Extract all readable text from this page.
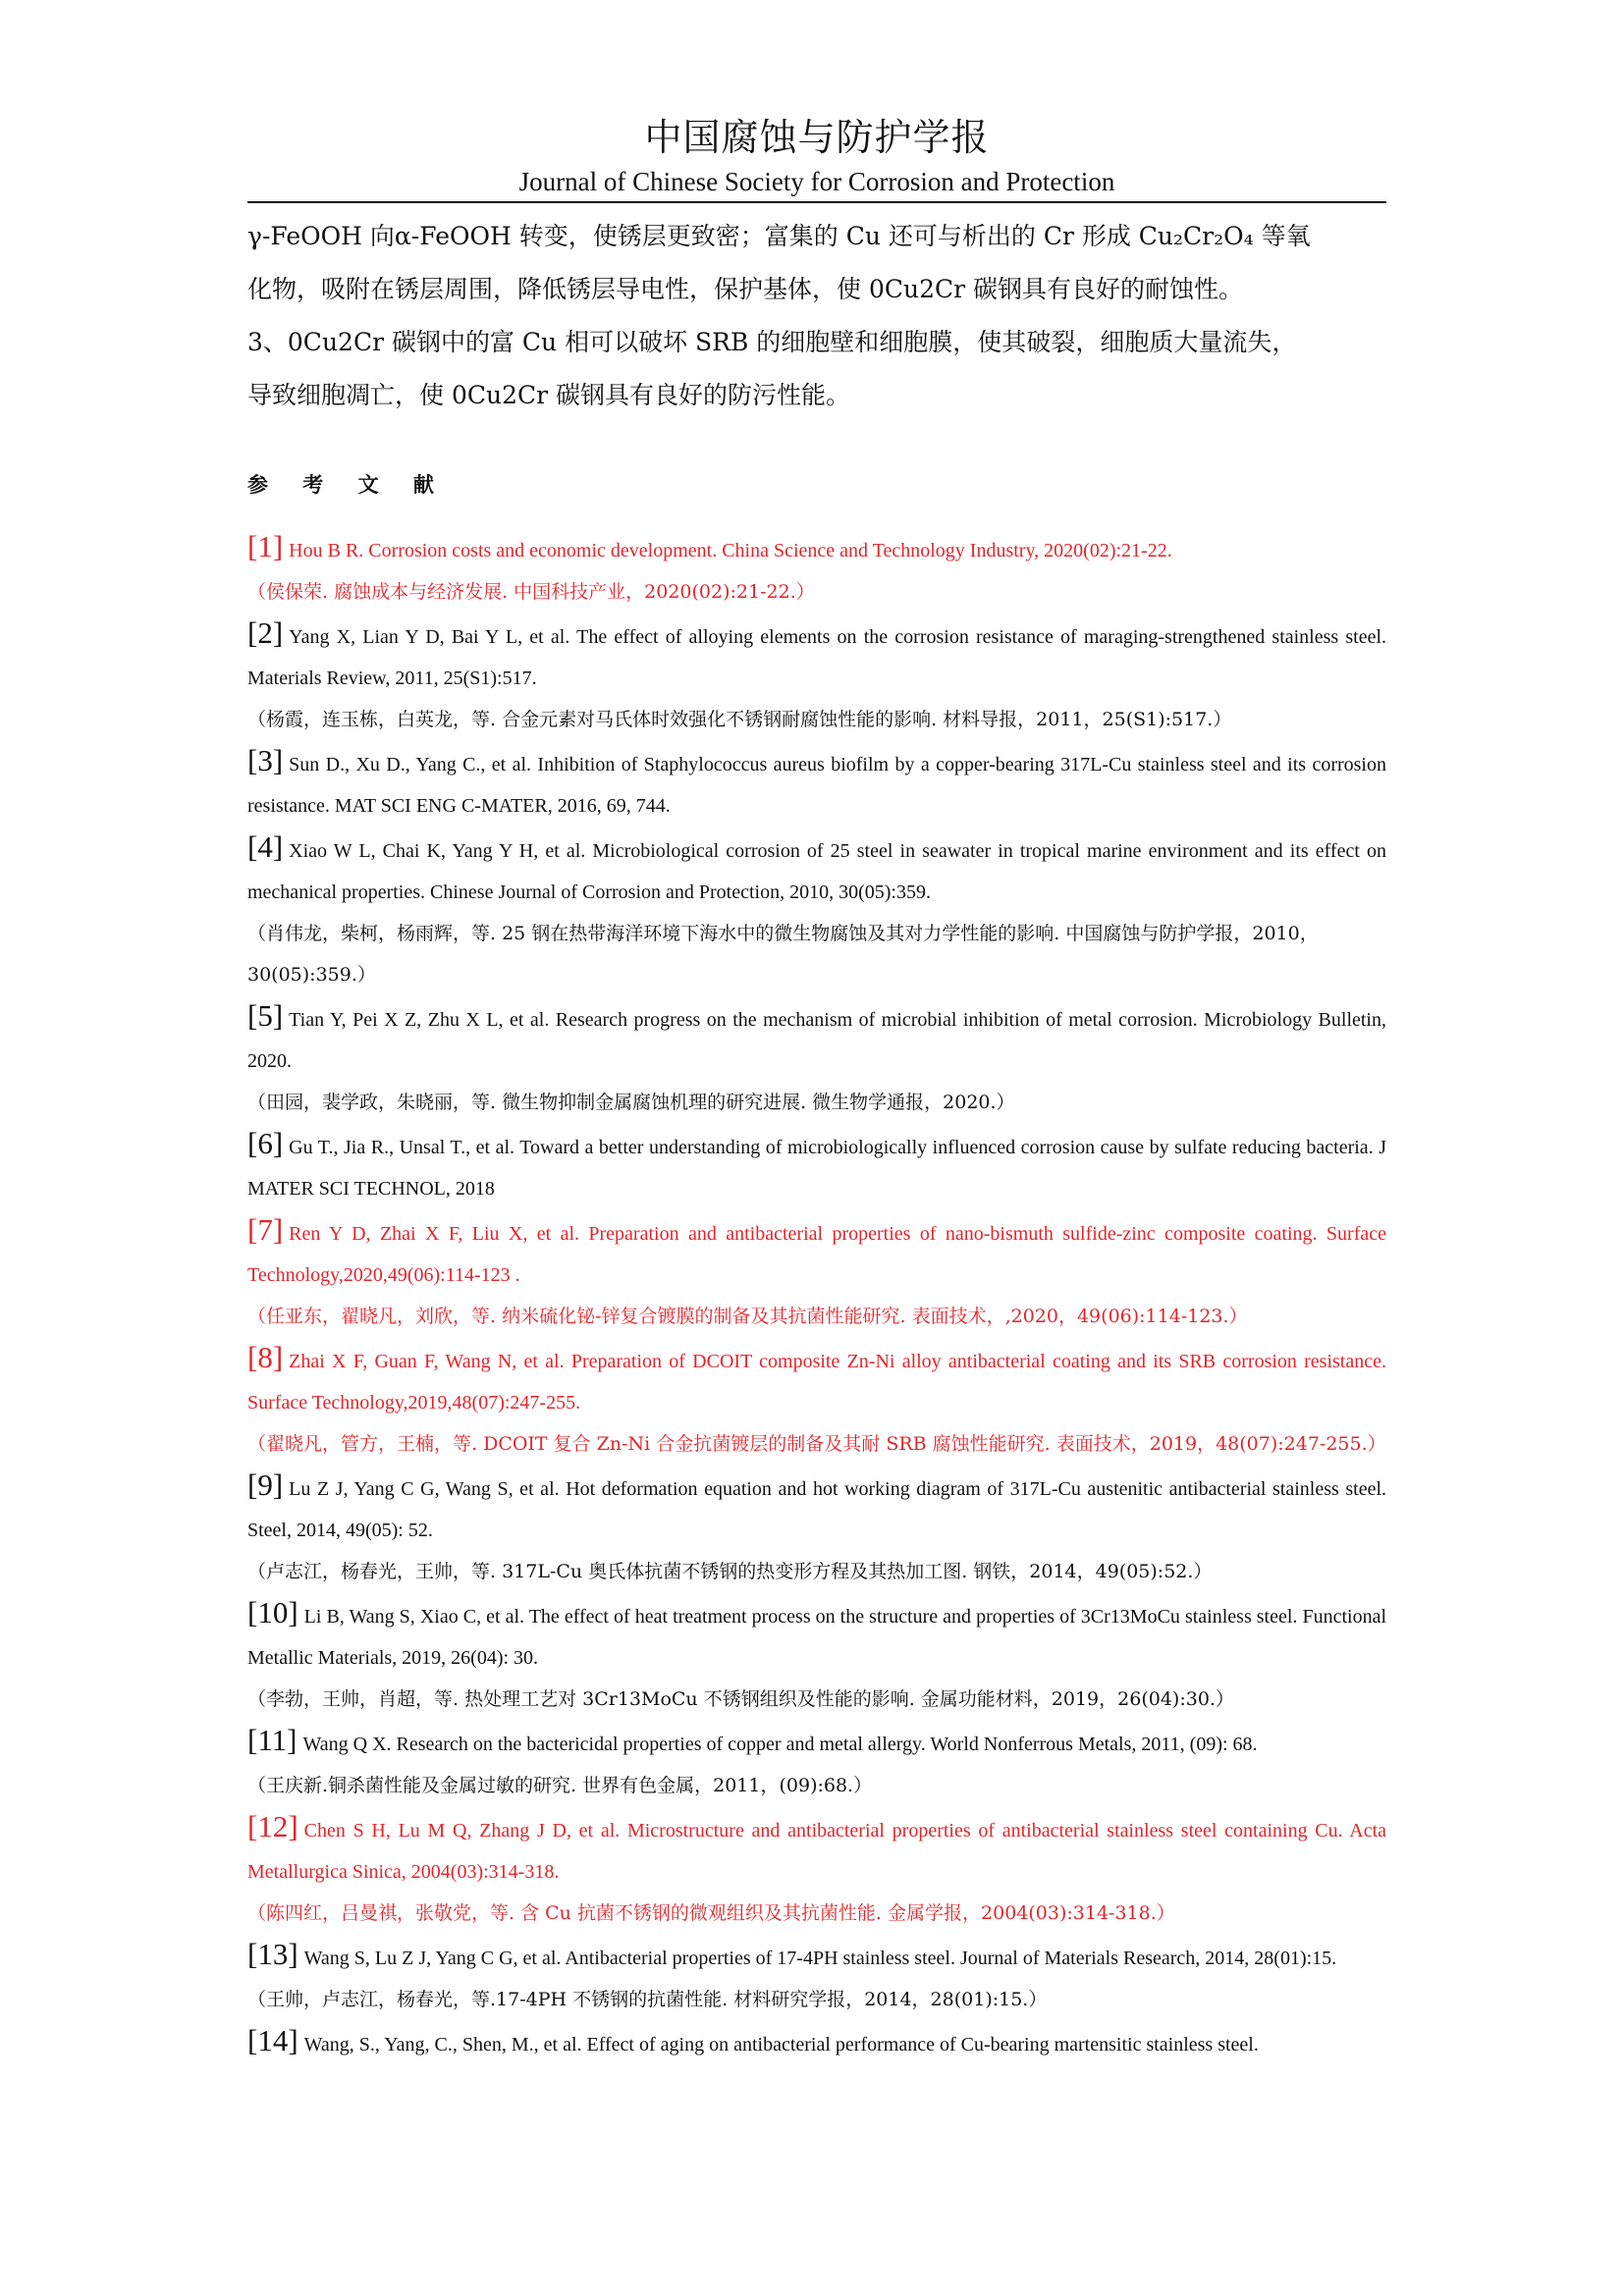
中国腐蚀与防护学报
Journal of Chinese Society for Corrosion and Protection

γ-FeOOH 向α-FeOOH 转变，使锈层更致密；富集的 Cu 还可与析出的 Cr 形成 Cu₂Cr₂O₄ 等氧

化物，吸附在锈层周围，降低锈层导电性，保护基体，使 0Cu2Cr 碳钢具有良好的耐蚀性。

3、0Cu2Cr 碳钢中的富 Cu 相可以破坏 SRB 的细胞壁和细胞膜，使其破裂，细胞质大量流失，

导致细胞凋亡，使 0Cu2Cr 碳钢具有良好的防污性能。

参 考 文 献
[1] Hou B R. Corrosion costs and economic development. China Science and Technology Industry, 2020(02):21-22.
（侯保荣. 腐蚀成本与经济发展. 中国科技产业，2020(02):21-22.）
[2] Yang X, Lian Y D, Bai Y L, et al. The effect of alloying elements on the corrosion resistance of maraging-strengthened stainless steel. Materials Review, 2011, 25(S1):517.
（杨霞，连玉栋，白英龙，等. 合金元素对马氏体时效强化不锈钢耐腐蚀性能的影响. 材料导报，2011，25(S1):517.）
[3] Sun D., Xu D., Yang C., et al. Inhibition of Staphylococcus aureus biofilm by a copper-bearing 317L-Cu stainless steel and its corrosion resistance. MAT SCI ENG C-MATER, 2016, 69, 744.
[4] Xiao W L, Chai K, Yang Y H, et al. Microbiological corrosion of 25 steel in seawater in tropical marine environment and its effect on mechanical properties. Chinese Journal of Corrosion and Protection, 2010, 30(05):359.
（肖伟龙，柴柯，杨雨辉，等. 25 钢在热带海洋环境下海水中的微生物腐蚀及其对力学性能的影响. 中国腐蚀与防护学报，2010，30(05):359.）
[5] Tian Y, Pei X Z, Zhu X L, et al. Research progress on the mechanism of microbial inhibition of metal corrosion. Microbiology Bulletin, 2020.
（田园，裴学政，朱晓丽，等. 微生物抑制金属腐蚀机理的研究进展. 微生物学通报，2020.）
[6] Gu T., Jia R., Unsal T., et al. Toward a better understanding of microbiologically influenced corrosion cause by sulfate reducing bacteria. J MATER SCI TECHNOL, 2018
[7] Ren Y D, Zhai X F, Liu X, et al. Preparation and antibacterial properties of nano-bismuth sulfide-zinc composite coating. Surface Technology,2020,49(06):114-123 .
（任亚东，翟晓凡，刘欣，等. 纳米硫化铋-锌复合镀膜的制备及其抗菌性能研究. 表面技术，,2020，49(06):114-123.）
[8] Zhai X F, Guan F, Wang N, et al. Preparation of DCOIT composite Zn-Ni alloy antibacterial coating and its SRB corrosion resistance. Surface Technology,2019,48(07):247-255.
（翟晓凡，管方，王楠，等. DCOIT 复合 Zn-Ni 合金抗菌镀层的制备及其耐 SRB 腐蚀性能研究. 表面技术，2019，48(07):247-255.）
[9] Lu Z J, Yang C G, Wang S, et al. Hot deformation equation and hot working diagram of 317L-Cu austenitic antibacterial stainless steel. Steel, 2014, 49(05): 52.
（卢志江，杨春光，王帅，等. 317L-Cu 奥氏体抗菌不锈钢的热变形方程及其热加工图. 钢铁，2014，49(05):52.）
[10] Li B, Wang S, Xiao C, et al. The effect of heat treatment process on the structure and properties of 3Cr13MoCu stainless steel. Functional Metallic Materials, 2019, 26(04): 30.
（李勃，王帅，肖超，等. 热处理工艺对 3Cr13MoCu 不锈钢组织及性能的影响. 金属功能材料，2019，26(04):30.）
[11] Wang Q X. Research on the bactericidal properties of copper and metal allergy. World Nonferrous Metals, 2011, (09): 68.
（王庆新.铜杀菌性能及金属过敏的研究. 世界有色金属，2011，(09):68.）
[12] Chen S H, Lu M Q, Zhang J D, et al. Microstructure and antibacterial properties of antibacterial stainless steel containing Cu. Acta Metallurgica Sinica, 2004(03):314-318.
（陈四红，吕曼祺，张敬党，等. 含 Cu 抗菌不锈钢的微观组织及其抗菌性能. 金属学报，2004(03):314-318.）
[13] Wang S, Lu Z J, Yang C G, et al. Antibacterial properties of 17-4PH stainless steel. Journal of Materials Research, 2014, 28(01):15.
（王帅，卢志江，杨春光，等.17-4PH 不锈钢的抗菌性能. 材料研究学报，2014，28(01):15.）
[14] Wang, S., Yang, C., Shen, M., et al. Effect of aging on antibacterial performance of Cu-bearing martensitic stainless steel.
